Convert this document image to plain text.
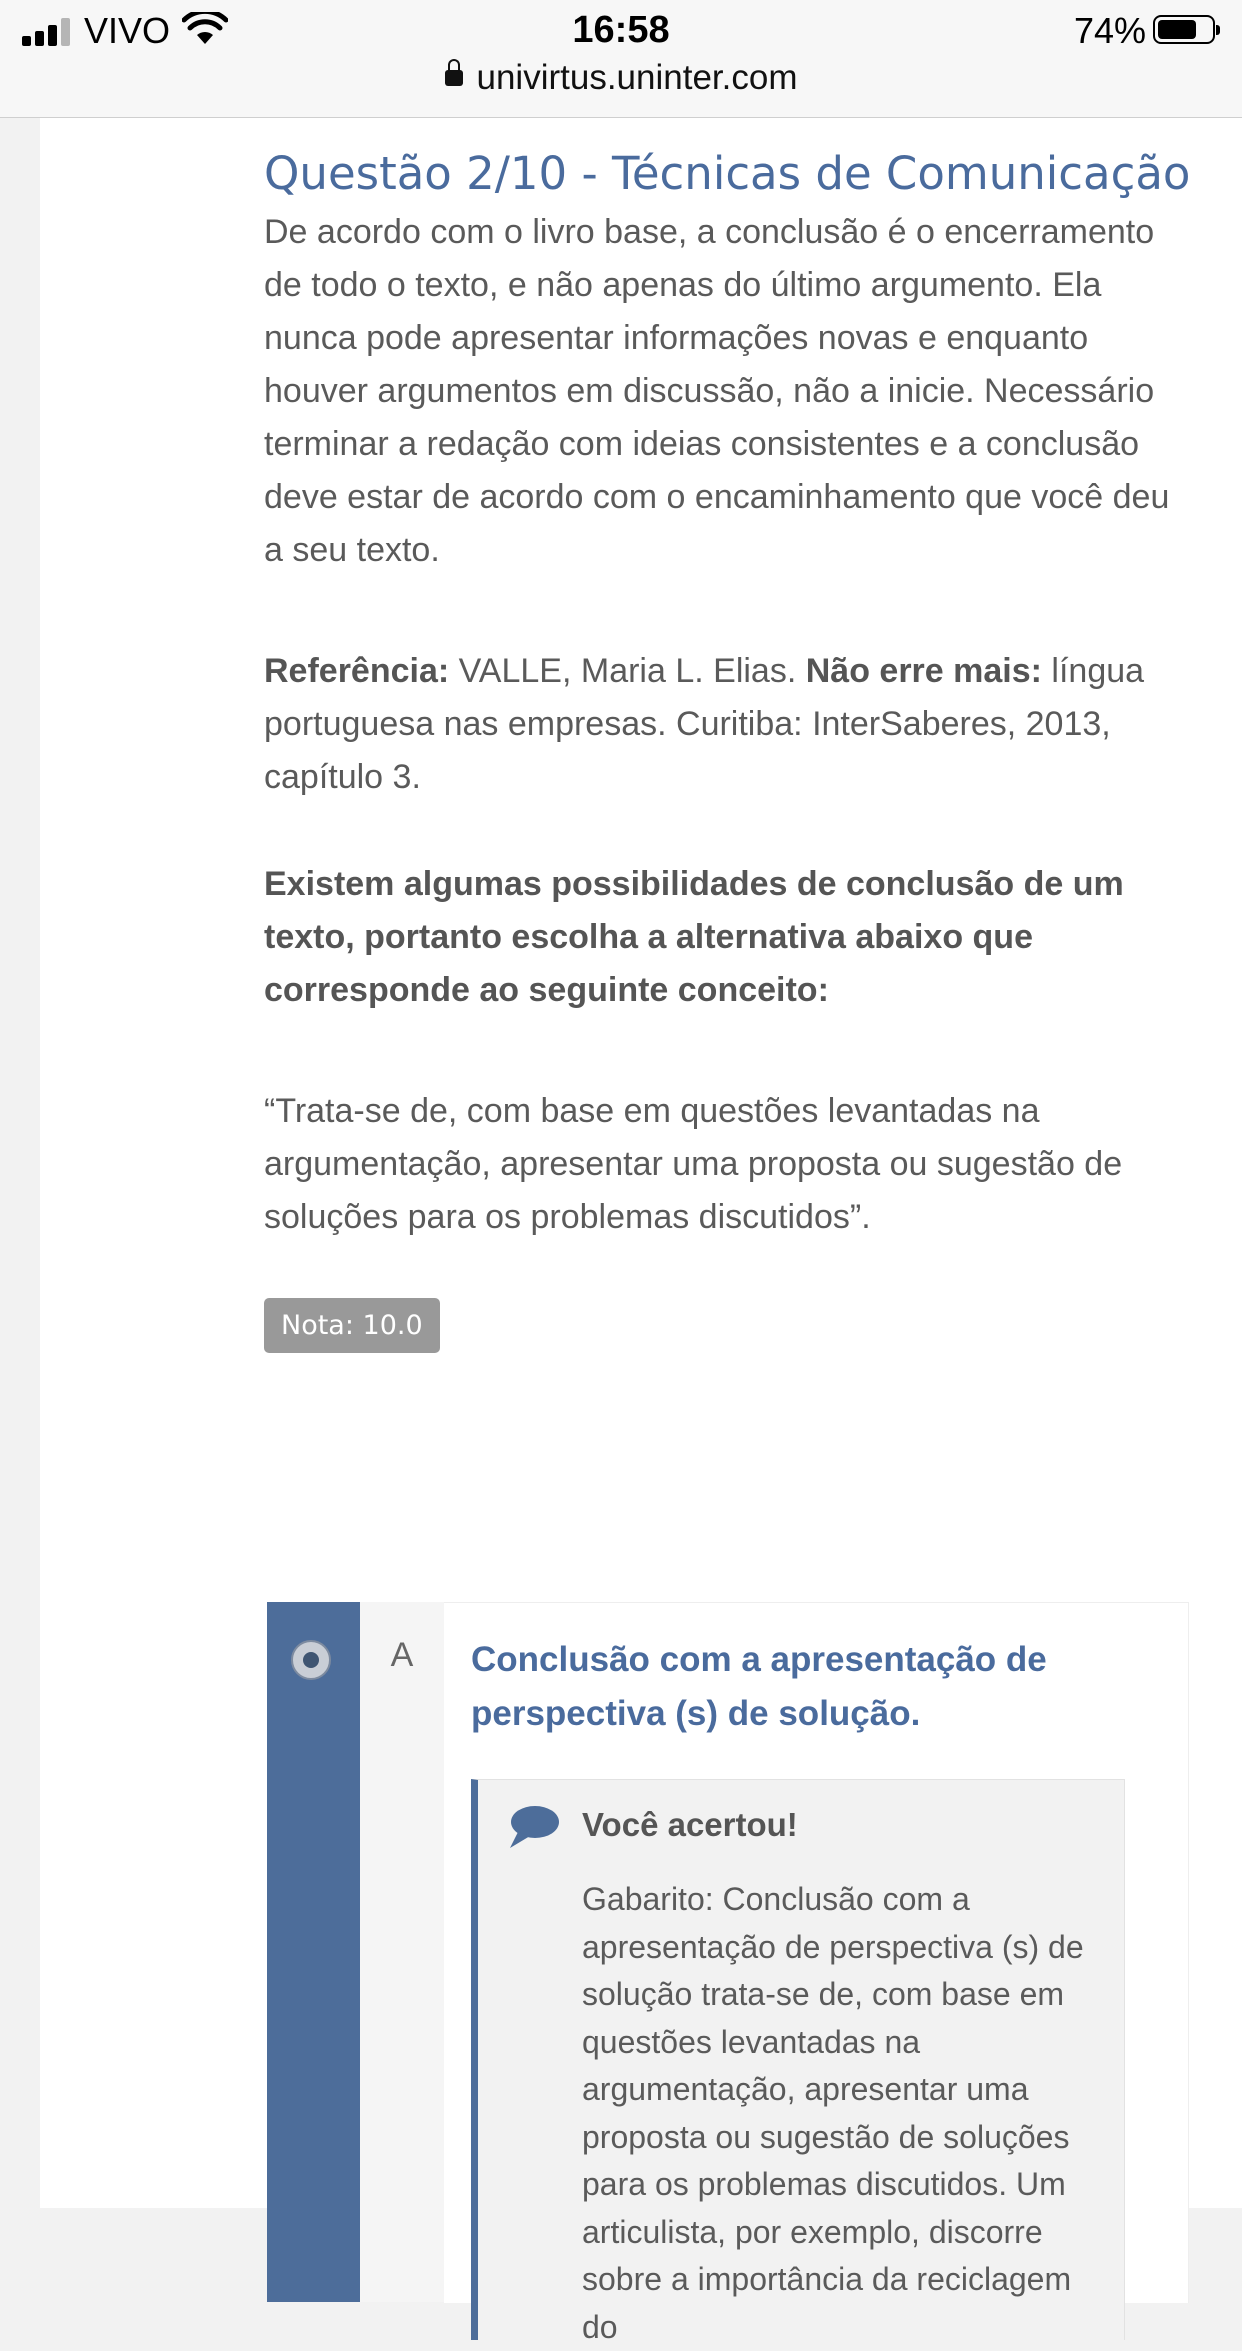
VIVO	16:58	74%
univirtus.uninter.com
Questão 2/10 - Técnicas de Comunicação

De acordo com o livro base, a conclusão é o encerramento de todo o texto, e não apenas do último argumento. Ela nunca pode apresentar informações novas e enquanto houver argumentos em discussão, não a inicie. Necessário terminar a redação com ideias consistentes e a conclusão deve estar de acordo com o encaminhamento que você deu a seu texto.

Referência: VALLE, Maria L. Elias. Não erre mais: língua portuguesa nas empresas. Curitiba: InterSaberes, 2013, capítulo 3.

Existem algumas possibilidades de conclusão de um texto, portanto escolha a alternativa abaixo que corresponde ao seguinte conceito:

“Trata-se de, com base em questões levantadas na argumentação, apresentar uma proposta ou sugestão de soluções para os problemas discutidos”.

Nota: 10.0
A	Conclusão com a apresentação de perspectiva (s) de solução.
Você acertou!
Gabarito: Conclusão com a apresentação de perspectiva (s) de solução trata-se de, com base em questões levantadas na argumentação, apresentar uma proposta ou sugestão de soluções para os problemas discutidos. Um articulista, por exemplo, discorre sobre a importância da reciclagem do
